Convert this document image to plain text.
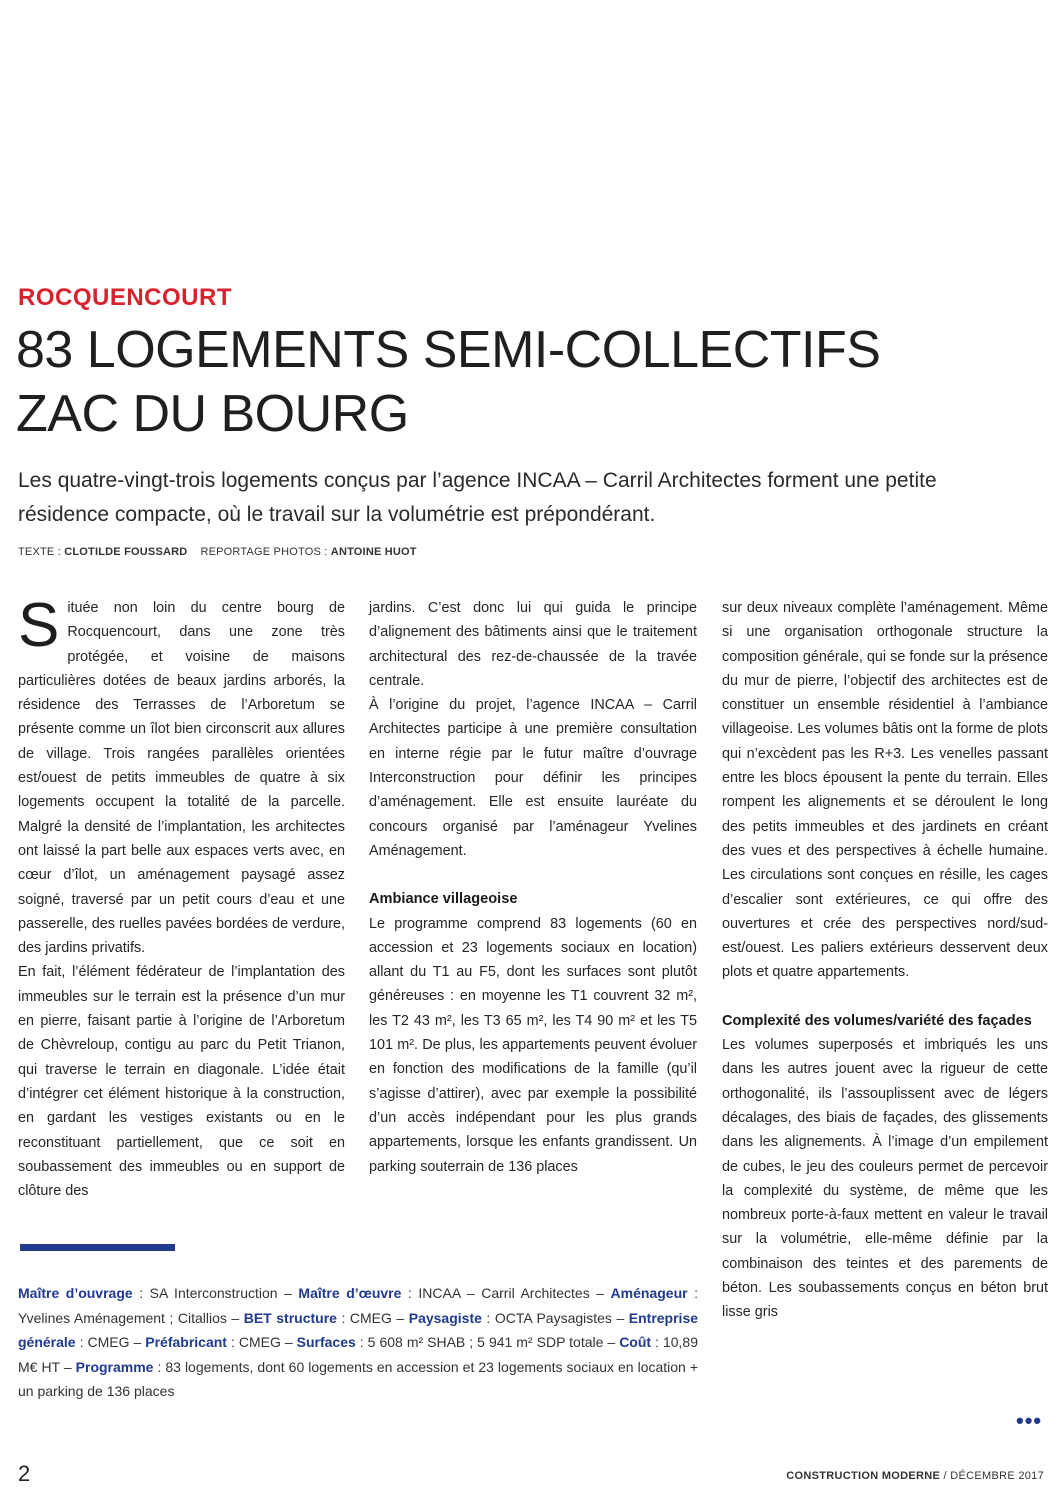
ROCQUENCOURT
83 LOGEMENTS SEMI-COLLECTIFS
ZAC DU BOURG

Les quatre-vingt-trois logements conçus par l’agence INCAA – Carril Architectes forment une petite résidence compacte, où le travail sur la volumétrie est prépondérant.

TEXTE : CLOTILDE FOUSSARD REPORTAGE PHOTOS : ANTOINE HUOT
S ituée non loin du centre bourg de Rocquencourt, dans une zone très protégée, et voisine de maisons particulières dotées de beaux jardins arborés, la résidence des Terrasses de l’Arboretum se présente comme un îlot bien circonscrit aux allures de village. Trois rangées parallèles orientées est/ouest de petits immeubles de quatre à six logements occupent la totalité de la parcelle. Malgré la densité de l’implantation, les architectes ont laissé la part belle aux espaces verts avec, en cœur d’îlot, un aménagement paysagé assez soigné, traversé par un petit cours d’eau et une passerelle, des ruelles pavées bordées de verdure, des jardins privatifs.

En fait, l’élément fédérateur de l’implantation des immeubles sur le terrain est la présence d’un mur en pierre, faisant partie à l’origine de l’Arboretum de Chèvreloup, contigu au parc du Petit Trianon, qui traverse le terrain en diagonale. L’idée était d’intégrer cet élément historique à la construction, en gardant les vestiges existants ou en le reconstituant partiellement, que ce soit en soubassement des immeubles ou en support de clôture des

jardins. C’est donc lui qui guida le principe d’alignement des bâtiments ainsi que le traitement architectural des rez-de-chaussée de la travée centrale.

À l’origine du projet, l’agence INCAA – Carril Architectes participe à une première consultation en interne régie par le futur maître d’ouvrage Interconstruction pour définir les principes d’aménagement. Elle est ensuite lauréate du concours organisé par l’aménageur Yvelines Aménagement.

Ambiance villageoise

Le programme comprend 83 logements (60 en accession et 23 logements sociaux en location) allant du T1 au F5, dont les surfaces sont plutôt généreuses : en moyenne les T1 couvrent 32 m², les T2 43 m², les T3 65 m², les T4 90 m² et les T5 101 m². De plus, les appartements peuvent évoluer en fonction des modifications de la famille (qu’il s’agisse d’attirer), avec par exemple la possibilité d’un accès indépendant pour les plus grands appartements, lorsque les enfants grandissent. Un parking souterrain de 136 places

sur deux niveaux complète l’aménagement. Même si une organisation orthogonale structure la composition générale, qui se fonde sur la présence du mur de pierre, l’objectif des architectes est de constituer un ensemble résidentiel à l’ambiance villageoise. Les volumes bâtis ont la forme de plots qui n’excèdent pas les R+3. Les venelles passant entre les blocs épousent la pente du terrain. Elles rompent les alignements et se déroulent le long des petits immeubles et des jardinets en créant des vues et des perspectives à échelle humaine. Les circulations sont conçues en résille, les cages d’escalier sont extérieures, ce qui offre des ouvertures et crée des perspectives nord/sud-est/ouest. Les paliers extérieurs desservent deux plots et quatre appartements.

Complexité des volumes/variété des façades

Les volumes superposés et imbriqués les uns dans les autres jouent avec la rigueur de cette orthogonalité, ils l’assouplissent avec de légers décalages, des biais de façades, des glissements dans les alignements. À l’image d’un empilement de cubes, le jeu des couleurs permet de percevoir la complexité du système, de même que les nombreux porte-à-faux mettent en valeur le travail sur la volumétrie, elle-même définie par la combinaison des teintes et des parements de béton. Les soubassements conçus en béton brut lisse gris

Maître d’ouvrage : SA Interconstruction – Maître d’œuvre : INCAA – Carril Architectes – Aménageur : Yvelines Aménagement ; Citallios – BET structure : CMEG – Paysagiste : OCTA Paysagistes – Entreprise générale : CMEG – Préfabricant : CMEG – Surfaces : 5 608 m² SHAB ; 5 941 m² SDP totale – Coût : 10,89 M€ HT – Programme : 83 logements, dont 60 logements en accession et 23 logements sociaux en location + un parking de 136 places
•••
2	CONSTRUCTION MODERNE / DÉCEMBRE 2017
